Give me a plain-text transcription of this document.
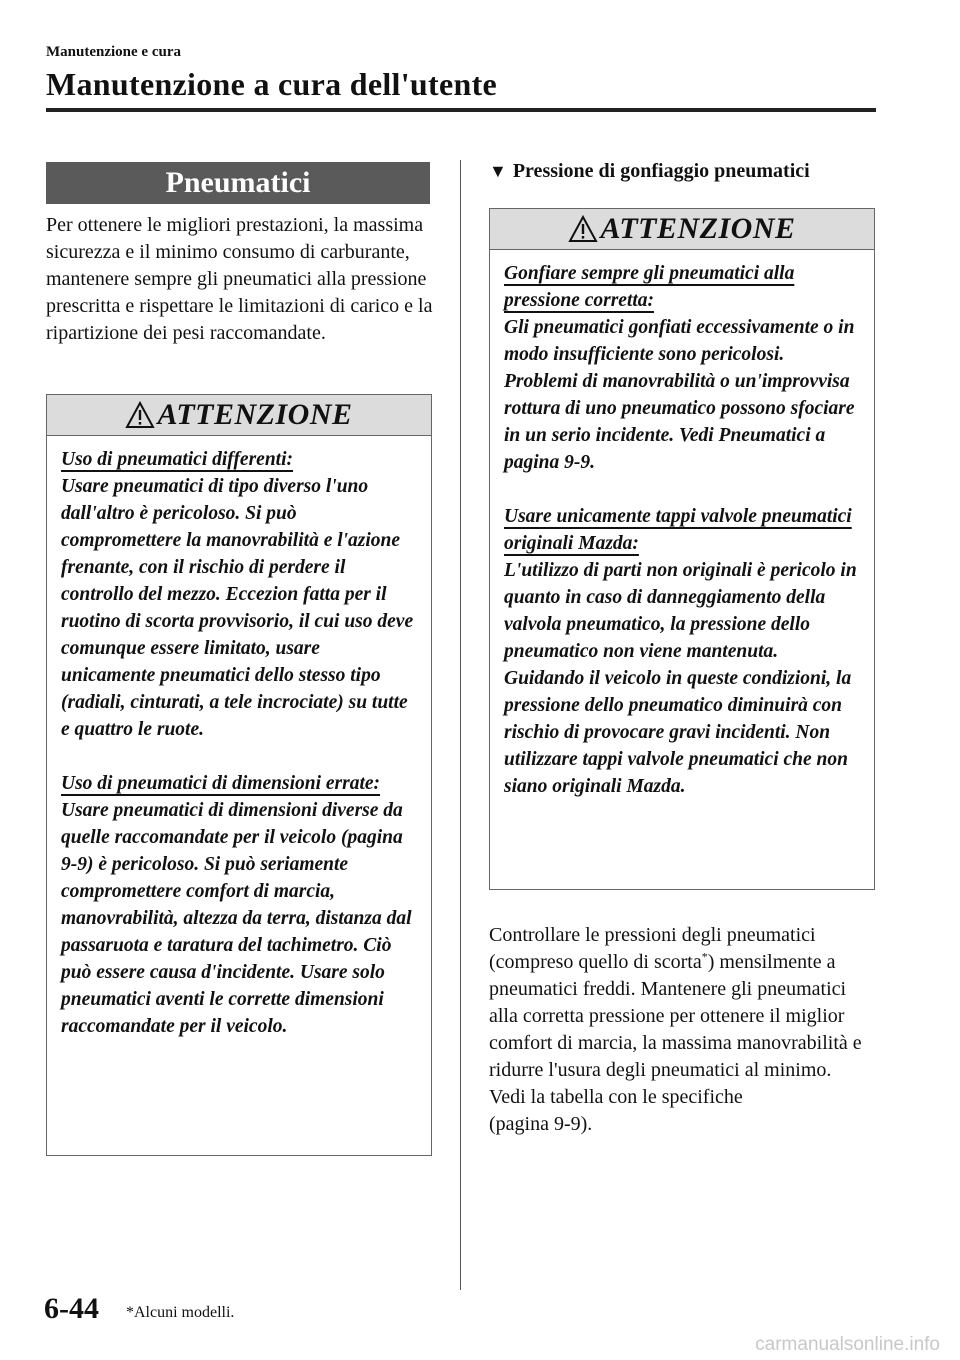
Manutenzione e cura
Manutenzione a cura dell'utente
Pneumatici
Per ottenere le migliori prestazioni, la massima sicurezza e il minimo consumo di carburante, mantenere sempre gli pneumatici alla pressione prescritta e rispettare le limitazioni di carico e la ripartizione dei pesi raccomandate.
ATTENZIONE

Uso di pneumatici differenti:

Usare pneumatici di tipo diverso l'uno dall'altro è pericoloso. Si può compromettere la manovrabilità e l'azione frenante, con il rischio di perdere il controllo del mezzo. Eccezion fatta per il ruotino di scorta provvisorio, il cui uso deve comunque essere limitato, usare unicamente pneumatici dello stesso tipo (radiali, cinturati, a tele incrociate) su tutte e quattro le ruote.

Uso di pneumatici di dimensioni errate:

Usare pneumatici di dimensioni diverse da quelle raccomandate per il veicolo (pagina 9-9) è pericoloso. Si può seriamente compromettere comfort di marcia, manovrabilità, altezza da terra, distanza dal passaruota e taratura del tachimetro. Ciò può essere causa d'incidente. Usare solo pneumatici aventi le corrette dimensioni raccomandate per il veicolo.

▼ Pressione di gonfiaggio pneumatici
ATTENZIONE

Gonfiare sempre gli pneumatici alla pressione corretta:

Gli pneumatici gonfiati eccessivamente o in modo insufficiente sono pericolosi. Problemi di manovrabilità o un'improvvisa rottura di uno pneumatico possono sfociare in un serio incidente. Vedi Pneumatici a pagina 9-9.

Usare unicamente tappi valvole pneumatici originali Mazda:

L'utilizzo di parti non originali è pericolo in quanto in caso di danneggiamento della valvola pneumatico, la pressione dello pneumatico non viene mantenuta. Guidando il veicolo in queste condizioni, la pressione dello pneumatico diminuirà con rischio di provocare gravi incidenti. Non utilizzare tappi valvole pneumatici che non siano originali Mazda.

Controllare le pressioni degli pneumatici (compreso quello di scorta*) mensilmente a pneumatici freddi. Mantenere gli pneumatici alla corretta pressione per ottenere il miglior comfort di marcia, la massima manovrabilità e ridurre l'usura degli pneumatici al minimo.
Vedi la tabella con le specifiche
(pagina 9-9).
6-44 *Alcuni modelli.
carmanualsonline.info
